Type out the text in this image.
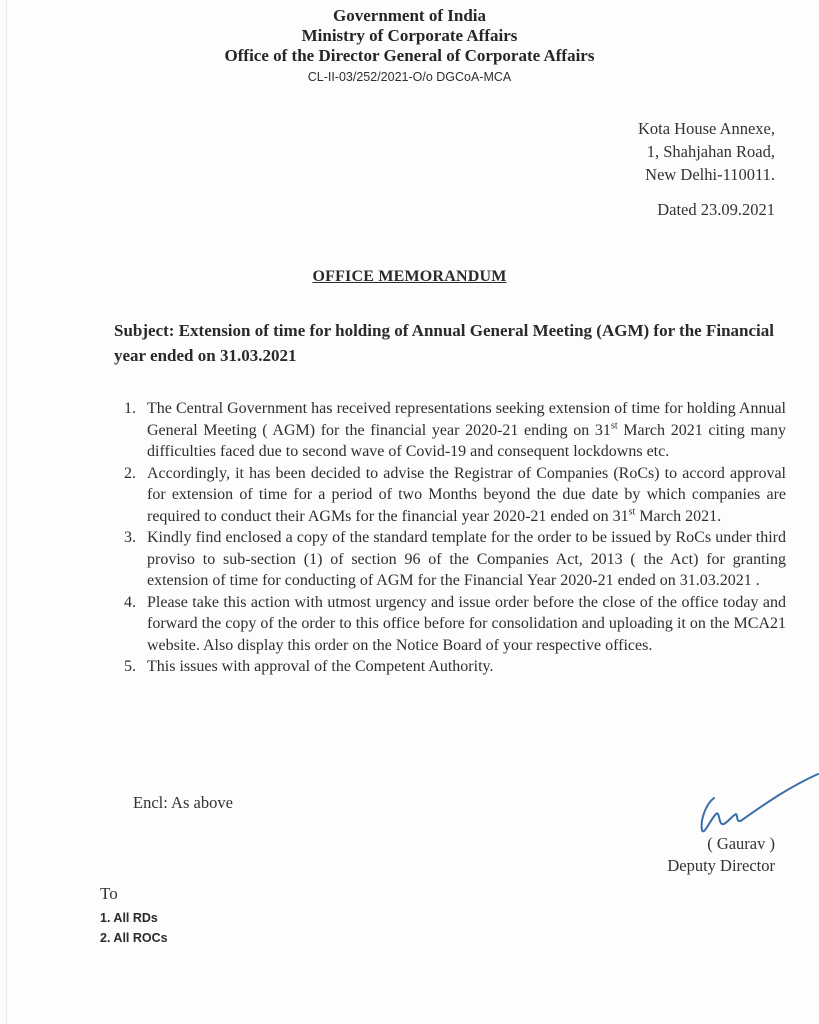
Government of India
Ministry of Corporate Affairs
Office of the Director General of Corporate Affairs
CL-II-03/252/2021-O/o DGCoA-MCA
Kota House Annexe,
1, Shahjahan Road,
New Delhi-110011.
Dated 23.09.2021
OFFICE MEMORANDUM
Subject: Extension of time for holding of Annual General Meeting (AGM) for the Financial year ended on 31.03.2021
1. The Central Government has received representations seeking extension of time for holding Annual General Meeting ( AGM) for the financial year 2020-21 ending on 31st March 2021 citing many difficulties faced due to second wave of Covid-19 and consequent lockdowns etc.
2. Accordingly, it has been decided to advise the Registrar of Companies (RoCs) to accord approval for extension of time for a period of two Months beyond the due date by which companies are required to conduct their AGMs for the financial year 2020-21 ended on 31st March 2021.
3. Kindly find enclosed a copy of the standard template for the order to be issued by RoCs under third proviso to sub-section (1) of section 96 of the Companies Act, 2013 ( the Act) for granting extension of time for conducting of AGM for the Financial Year 2020-21 ended on 31.03.2021 .
4. Please take this action with utmost urgency and issue order before the close of the office today and forward the copy of the order to this office before for consolidation and uploading it on the MCA21 website. Also display this order on the Notice Board of your respective offices.
5. This issues with approval of the Competent Authority.
Encl: As above
( Gaurav )
Deputy Director
To
1. All RDs
2. All ROCs
